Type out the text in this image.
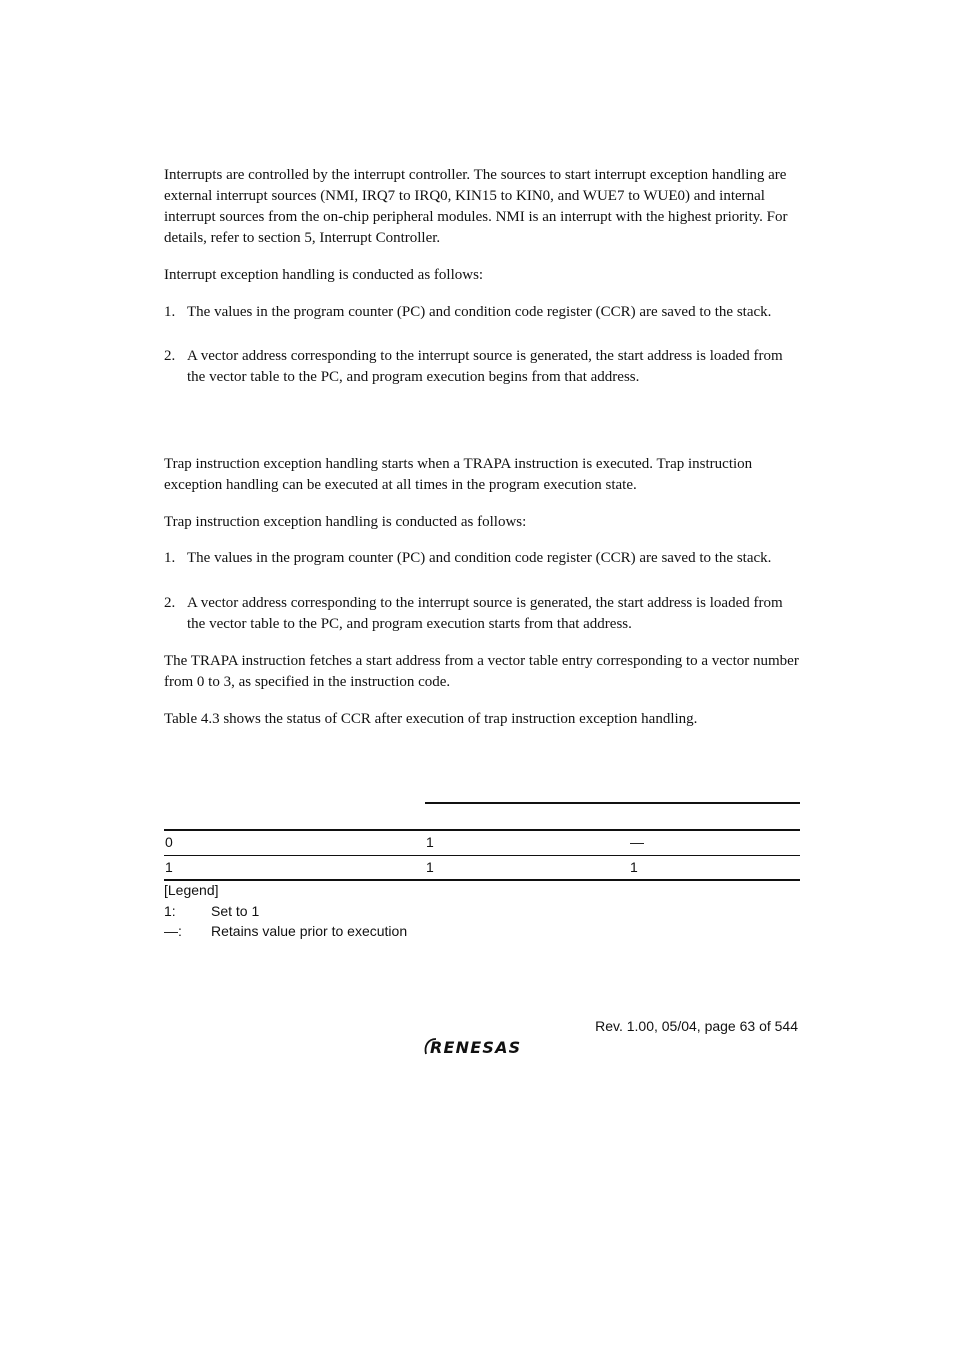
Interrupts are controlled by the interrupt controller. The sources to start interrupt exception handling are external interrupt sources (NMI, IRQ7 to IRQ0, KIN15 to KIN0, and WUE7 to WUE0) and internal interrupt sources from the on-chip peripheral modules. NMI is an interrupt with the highest priority. For details, refer to section 5, Interrupt Controller.

Interrupt exception handling is conducted as follows:

1. The values in the program counter (PC) and condition code register (CCR) are saved to the stack.
2. A vector address corresponding to the interrupt source is generated, the start address is loaded from the vector table to the PC, and program execution begins from that address.

Trap instruction exception handling starts when a TRAPA instruction is executed. Trap instruction exception handling can be executed at all times in the program execution state.

Trap instruction exception handling is conducted as follows:

1. The values in the program counter (PC) and condition code register (CCR) are saved to the stack.
2. A vector address corresponding to the interrupt source is generated, the start address is loaded from the vector table to the PC, and program execution starts from that address.

The TRAPA instruction fetches a start address from a vector table entry corresponding to a vector number from 0 to 3, as specified in the instruction code.

Table 4.3 shows the status of CCR after execution of trap instruction exception handling.

0	1	—
1	1	1
[Legend]
1:	Set to 1
—: Retains value prior to execution
Rev. 1.00, 05/04, page 63 of 544
RENESAS
